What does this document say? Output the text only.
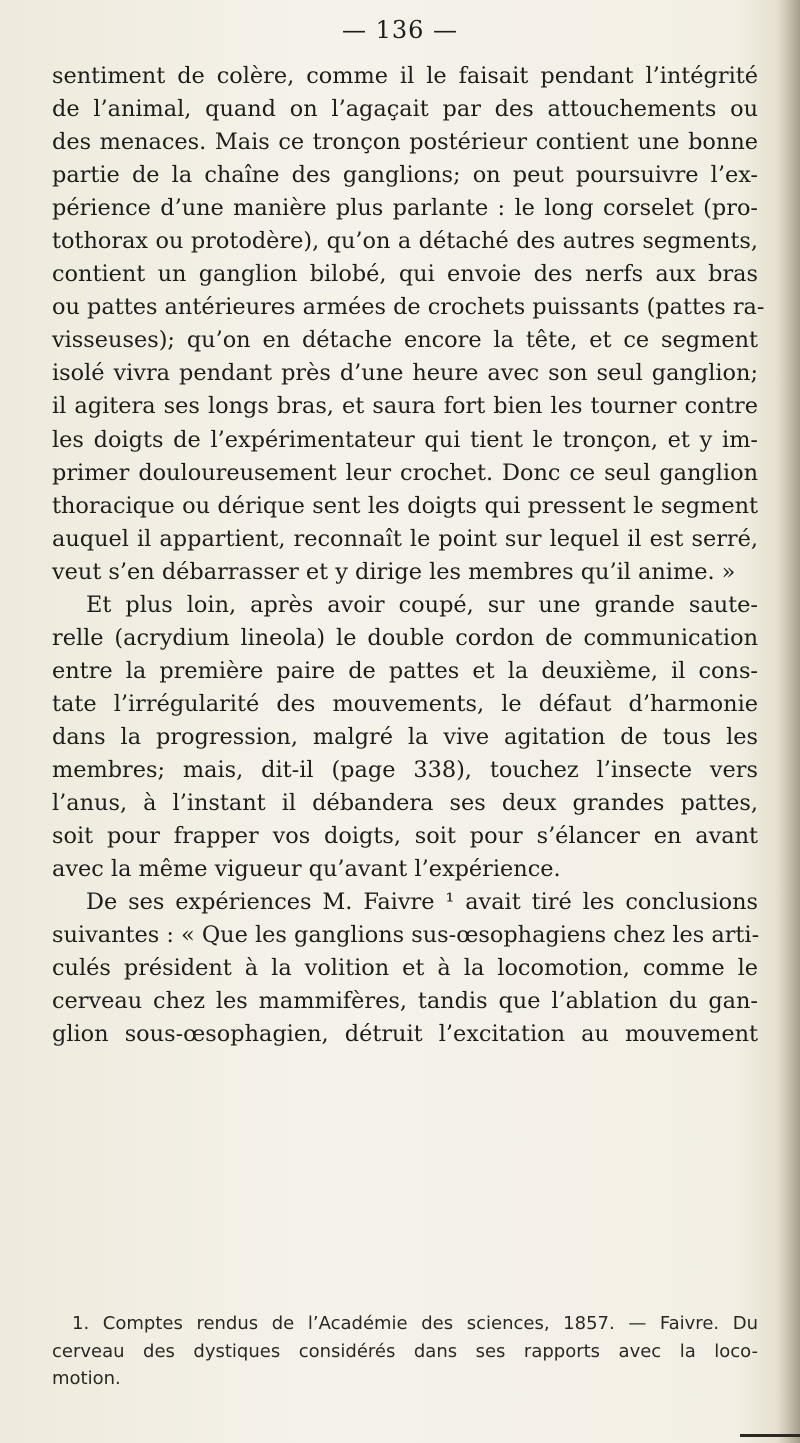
— 136 —
sentiment de colère, comme il le faisait pendant l’intégrité
de l’animal, quand on l’agaçait par des attouchements ou
des menaces. Mais ce tronçon postérieur contient une bonne
partie de la chaîne des ganglions; on peut poursuivre l’ex-
périence d’une manière plus parlante : le long corselet (pro-
tothorax ou protodère), qu’on a détaché des autres segments,
contient un ganglion bilobé, qui envoie des nerfs aux bras
ou pattes antérieures armées de crochets puissants (pattes ra-
visseuses); qu’on en détache encore la tête, et ce segment
isolé vivra pendant près d’une heure avec son seul ganglion;
il agitera ses longs bras, et saura fort bien les tourner contre
les doigts de l’expérimentateur qui tient le tronçon, et y im-
primer douloureusement leur crochet. Donc ce seul ganglion
thoracique ou dérique sent les doigts qui pressent le segment
auquel il appartient, reconnaît le point sur lequel il est serré,
veut s’en débarrasser et y dirige les membres qu’il anime. »
Et plus loin, après avoir coupé, sur une grande saute-
relle (acrydium lineola) le double cordon de communication
entre la première paire de pattes et la deuxième, il cons-
tate l’irrégularité des mouvements, le défaut d’harmonie
dans la progression, malgré la vive agitation de tous les
membres; mais, dit-il (page 338), touchez l’insecte vers
l’anus, à l’instant il débandera ses deux grandes pattes,
soit pour frapper vos doigts, soit pour s’élancer en avant
avec la même vigueur qu’avant l’expérience.
De ses expériences M. Faivre ¹ avait tiré les conclusions
suivantes : « Que les ganglions sus-œsophagiens chez les arti-
culés président à la volition et à la locomotion, comme le
cerveau chez les mammifères, tandis que l’ablation du gan-
glion sous-œsophagien, détruit l’excitation au mouvement
1. Comptes rendus de l’Académie des sciences, 1857. — Faivre. Du
cerveau des dystiques considérés dans ses rapports avec la loco-
motion.
